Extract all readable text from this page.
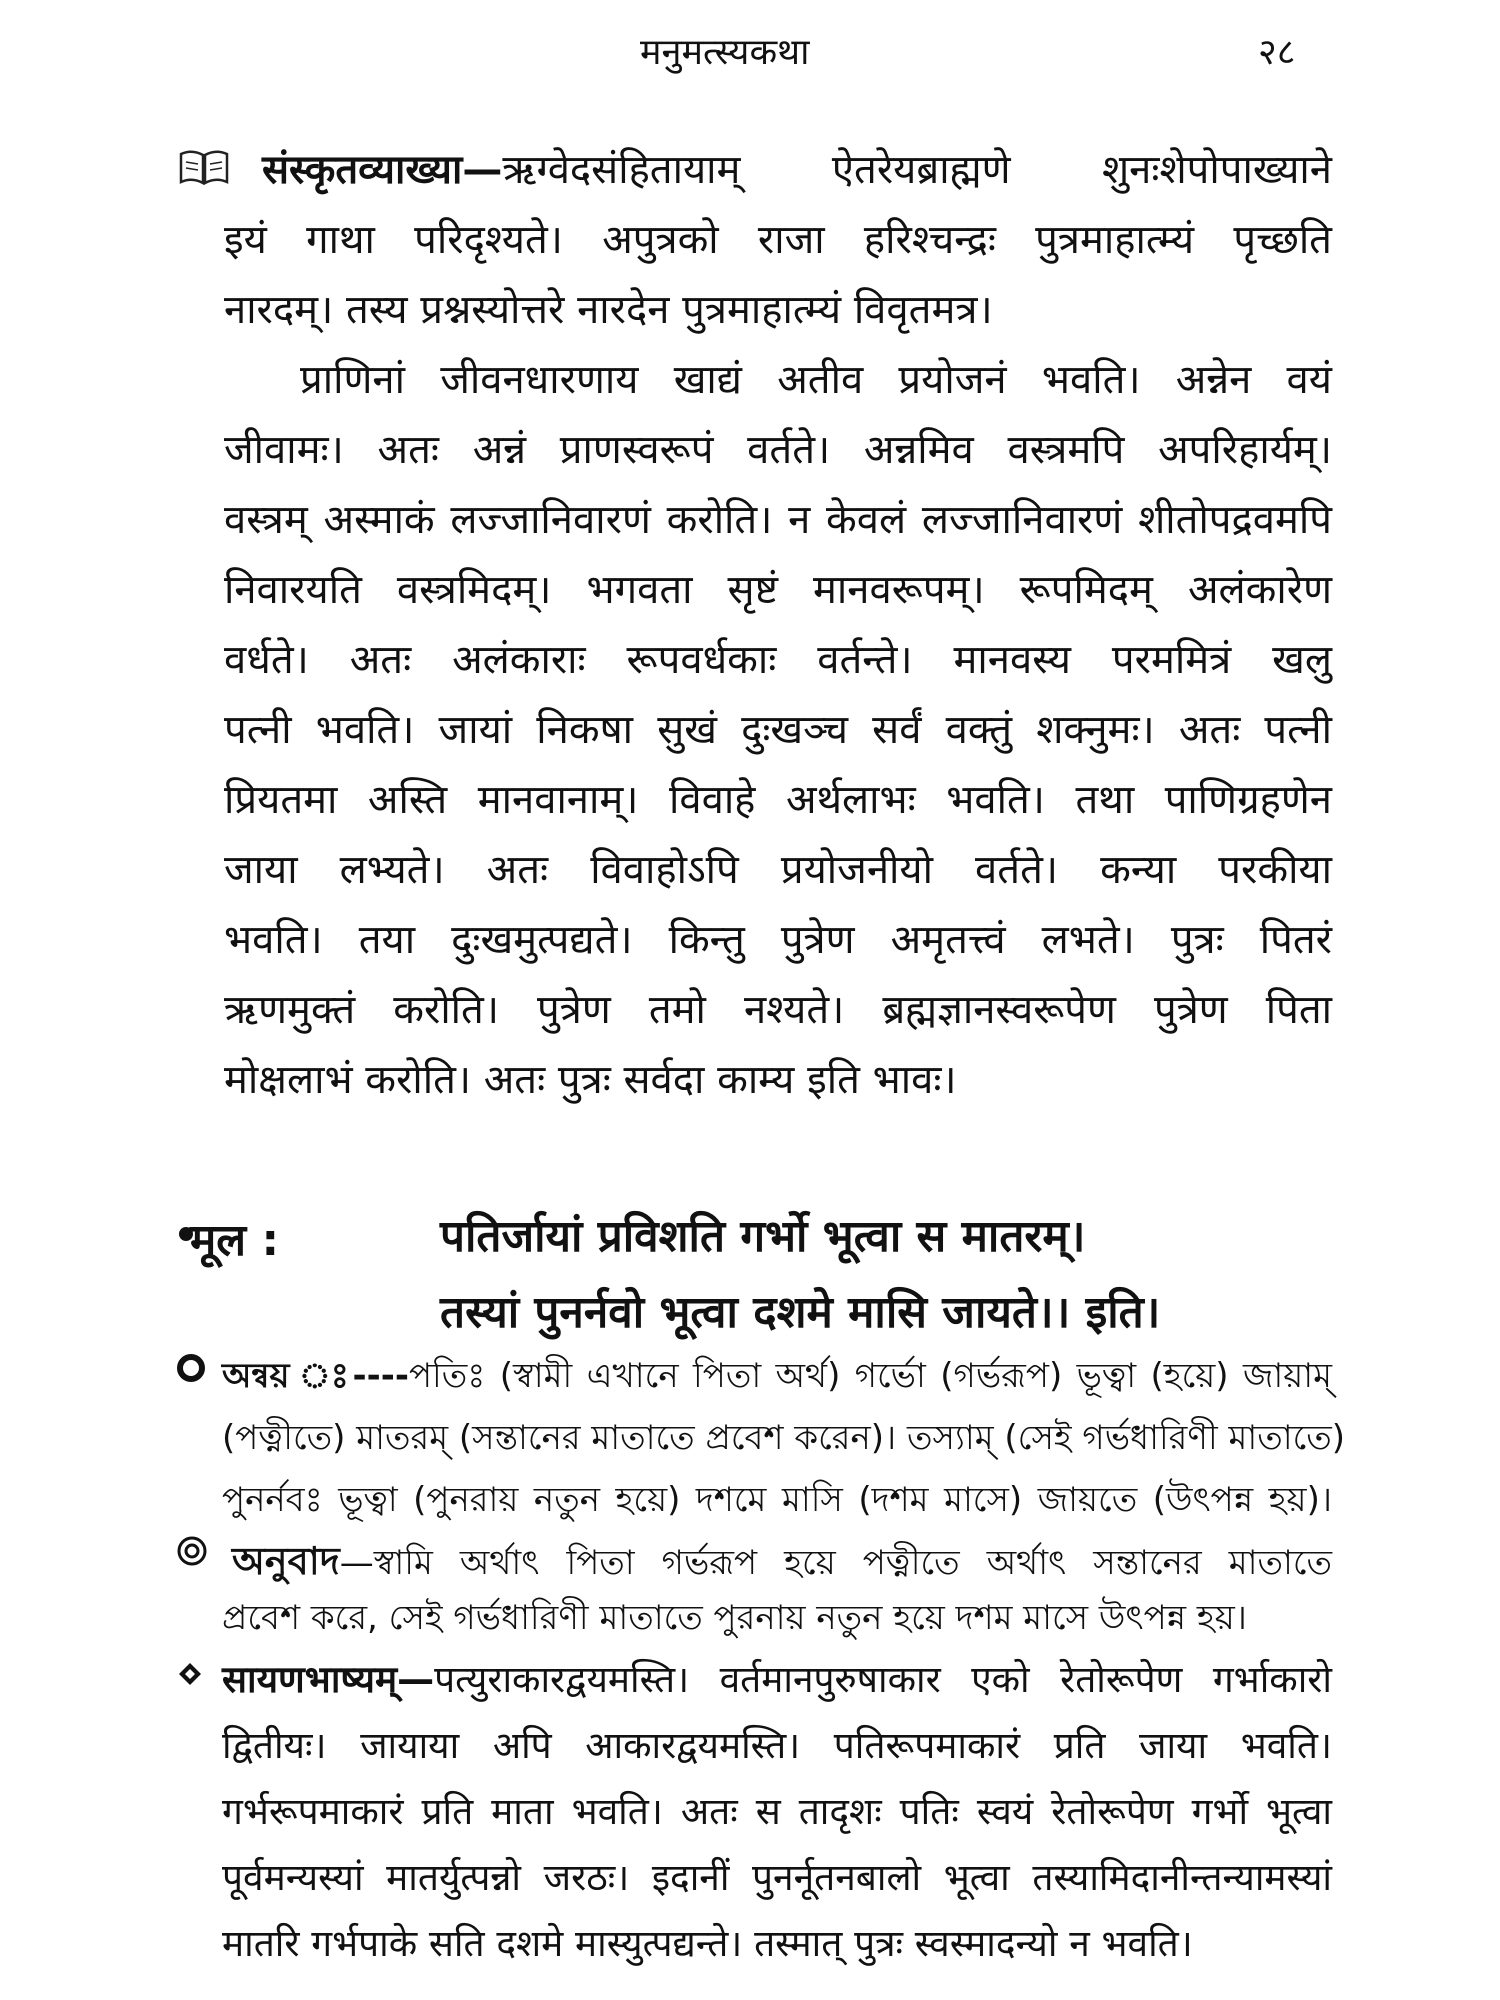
मनुमत्स्यकथा	२८
संस्कृतव्याख्या—ऋग्वेदसंहितायाम् ऐतरेयब्राह्मणे शुनःशेपोपाख्याने
इयं गाथा परिदृश्यते। अपुत्रको राजा हरिश्चन्द्रः पुत्रमाहात्म्यं पृच्छति
नारदम्। तस्य प्रश्नस्योत्तरे नारदेन पुत्रमाहात्म्यं विवृतमत्र।
प्राणिनां जीवनधारणाय खाद्यं अतीव प्रयोजनं भवति। अन्नेन वयं
जीवामः। अतः अन्नं प्राणस्वरूपं वर्तते। अन्नमिव वस्त्रमपि अपरिहार्यम्।
वस्त्रम् अस्माकं लज्जानिवारणं करोति। न केवलं लज्जानिवारणं शीतोपद्रवमपि
निवारयति वस्त्रमिदम्। भगवता सृष्टं मानवरूपम्। रूपमिदम् अलंकारेण
वर्धते। अतः अलंकाराः रूपवर्धकाः वर्तन्ते। मानवस्य परममित्रं खलु
पत्नी भवति। जायां निकषा सुखं दुःखञ्च सर्वं वक्तुं शक्नुमः। अतः पत्नी
प्रियतमा अस्ति मानवानाम्। विवाहे अर्थलाभः भवति। तथा पाणिग्रहणेन
जाया लभ्यते। अतः विवाहोऽपि प्रयोजनीयो वर्तते। कन्या परकीया
भवति। तया दुःखमुत्पद्यते। किन्तु पुत्रेण अमृतत्त्वं लभते। पुत्रः पितरं
ऋणमुक्तं करोति। पुत्रेण तमो नश्यते। ब्रह्मज्ञानस्वरूपेण पुत्रेण पिता
मोक्षलाभं करोति। अतः पुत्रः सर्वदा काम्य इति भावः।
मूल :	पतिर्जायां प्रविशति गर्भो भूत्वा स मातरम्।
तस्यां पुनर्नवो भूत्वा दशमे मासि जायते।। इति।
অন্বয় ঃ----পতিঃ (স্বামী এখানে পিতা অর্থ) গর্ভো (গর্ভরূপ) ভূত্বা (হয়ে) জায়াম্
(পত্নীতে) মাতরম্ (সন্তানের মাতাতে প্রবেশ করেন)। তস্যাম্ (সেই গর্ভধারিণী মাতাতে)
পুনর্নবঃ ভূত্বা (পুনরায় নতুন হয়ে) দশমে মাসি (দশম মাসে) জায়তে (উৎপন্ন হয়)।
অনুবাদ—স্বামি অর্থাৎ পিতা গর্ভরূপ হয়ে পত্নীতে অর্থাৎ সন্তানের মাতাতে
প্রবেশ করে, সেই গর্ভধারিণী মাতাতে পুরনায় নতুন হয়ে দশম মাসে উৎপন্ন হয়।
सायणभाष्यम्—पत्युराकारद्वयमस्ति। वर्तमानपुरुषाकार एको रेतोरूपेण गर्भाकारो
द्वितीयः। जायाया अपि आकारद्वयमस्ति। पतिरूपमाकारं प्रति जाया भवति।
गर्भरूपमाकारं प्रति माता भवति। अतः स तादृशः पतिः स्वयं रेतोरूपेण गर्भो भूत्वा
पूर्वमन्यस्यां मातर्युत्पन्नो जरठः। इदानीं पुनर्नूतनबालो भूत्वा तस्यामिदानीन्तन्यामस्यां
मातरि गर्भपाके सति दशमे मास्युत्पद्यन्ते। तस्मात् पुत्रः स्वस्मादन्यो न भवति।
